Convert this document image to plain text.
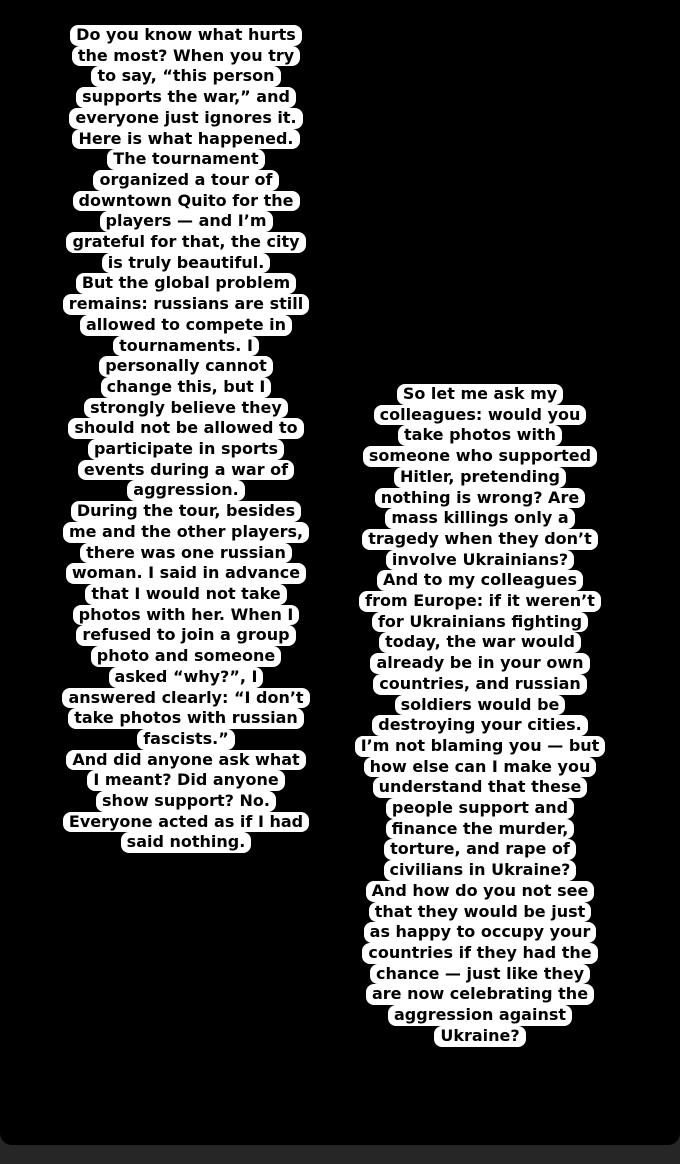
Do you know what hurts
the most? When you try
to say, “this person
supports the war,” and
everyone just ignores it.
Here is what happened.
The tournament
organized a tour of
downtown Quito for the
players — and I’m
grateful for that, the city
is truly beautiful.
But the global problem
remains: russians are still
allowed to compete in
tournaments. I
personally cannot
change this, but I
strongly believe they
should not be allowed to
participate in sports
events during a war of
aggression.
During the tour, besides
me and the other players,
there was one russian
woman. I said in advance
that I would not take
photos with her. When I
refused to join a group
photo and someone
asked “why?”, I
answered clearly: “I don’t
take photos with russian
fascists.”
And did anyone ask what
I meant? Did anyone
show support? No.
Everyone acted as if I had
said nothing.
So let me ask my
colleagues: would you
take photos with
someone who supported
Hitler, pretending
nothing is wrong? Are
mass killings only a
tragedy when they don’t
involve Ukrainians?
And to my colleagues
from Europe: if it weren’t
for Ukrainians fighting
today, the war would
already be in your own
countries, and russian
soldiers would be
destroying your cities.
I’m not blaming you — but
how else can I make you
understand that these
people support and
finance the murder,
torture, and rape of
civilians in Ukraine?
And how do you not see
that they would be just
as happy to occupy your
countries if they had the
chance — just like they
are now celebrating the
aggression against
Ukraine?
